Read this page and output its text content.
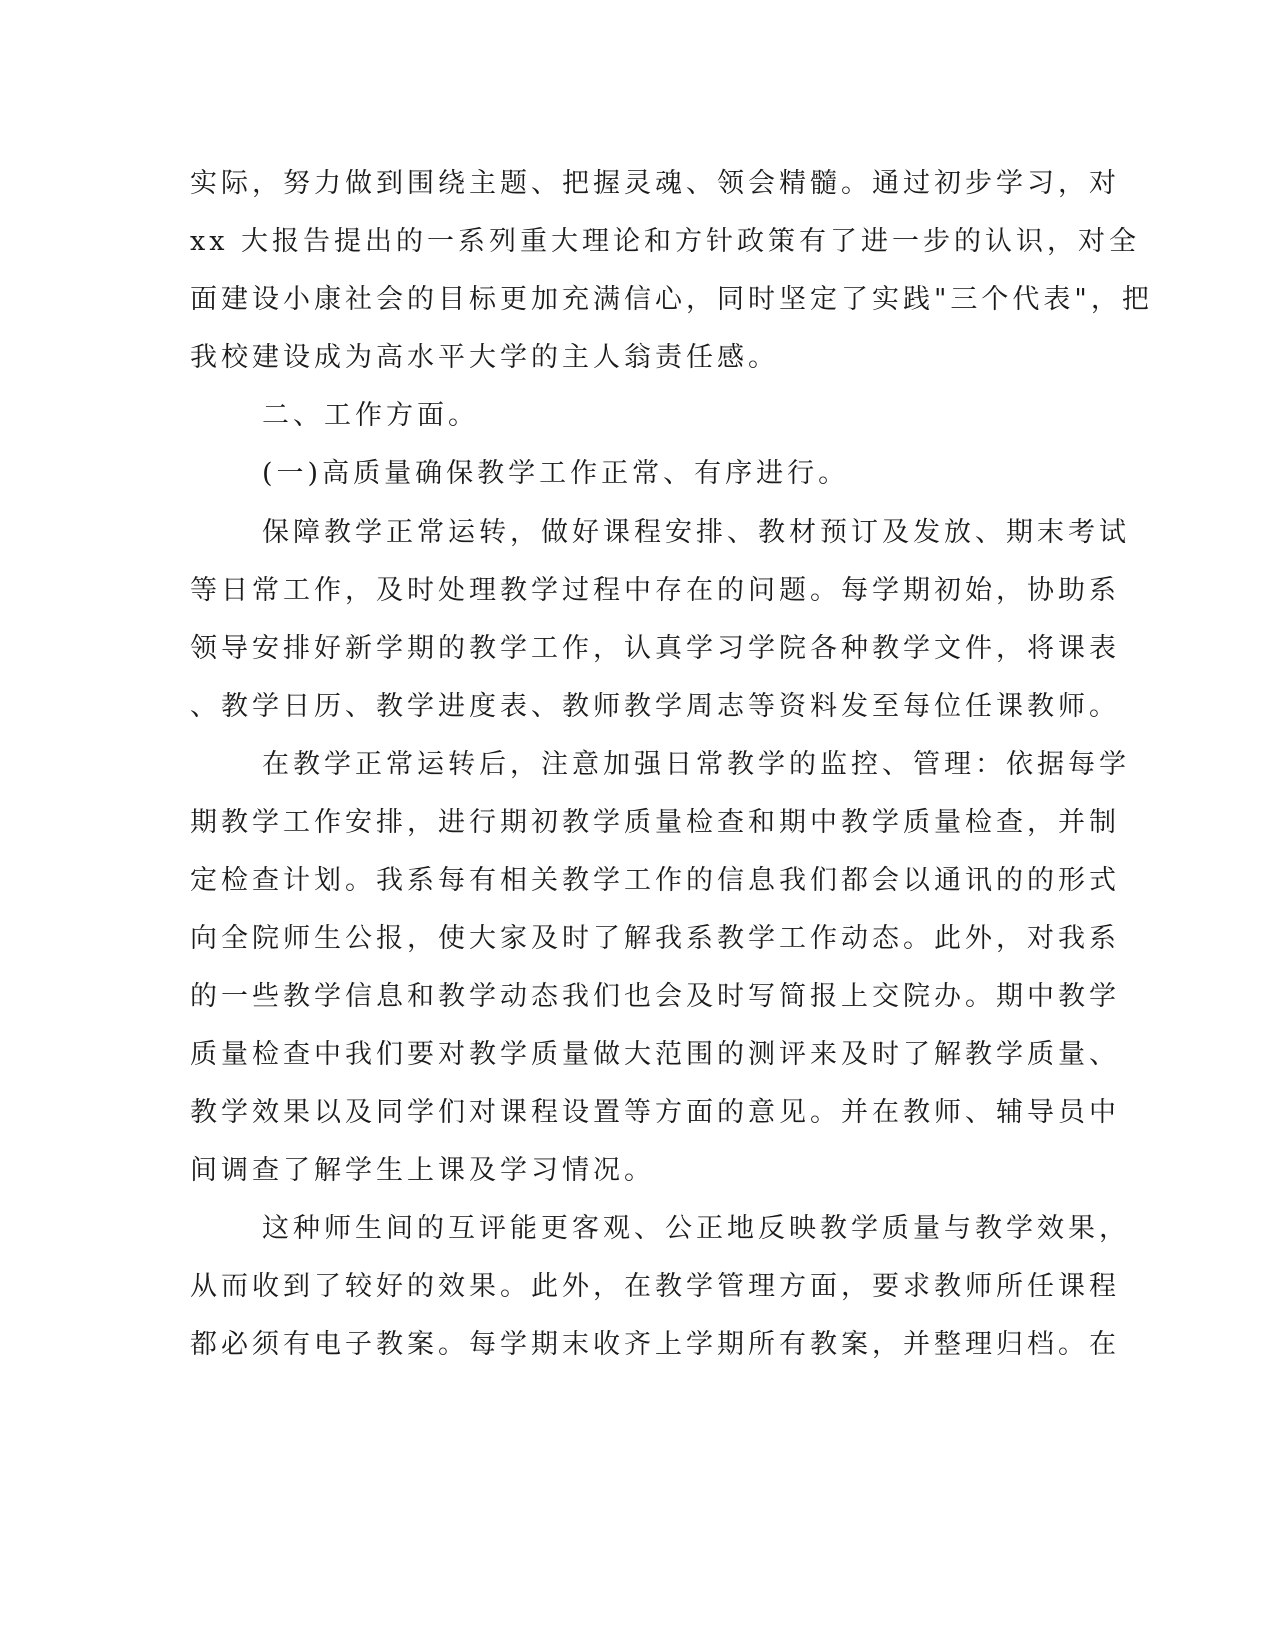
实际，努力做到围绕主题、把握灵魂、领会精髓。通过初步学习，对

xx 大报告提出的一系列重大理论和方针政策有了进一步的认识，对全

面建设小康社会的目标更加充满信心，同时坚定了实践"三个代表"，把

我校建设成为高水平大学的主人翁责任感。

二、工作方面。

(一)高质量确保教学工作正常、有序进行。

保障教学正常运转，做好课程安排、教材预订及发放、期末考试

等日常工作，及时处理教学过程中存在的问题。每学期初始，协助系

领导安排好新学期的教学工作，认真学习学院各种教学文件，将课表

、教学日历、教学进度表、教师教学周志等资料发至每位任课教师。

在教学正常运转后，注意加强日常教学的监控、管理：依据每学

期教学工作安排，进行期初教学质量检查和期中教学质量检查，并制

定检查计划。我系每有相关教学工作的信息我们都会以通讯的的形式

向全院师生公报，使大家及时了解我系教学工作动态。此外，对我系

的一些教学信息和教学动态我们也会及时写简报上交院办。期中教学

质量检查中我们要对教学质量做大范围的测评来及时了解教学质量、

教学效果以及同学们对课程设置等方面的意见。并在教师、辅导员中

间调查了解学生上课及学习情况。

这种师生间的互评能更客观、公正地反映教学质量与教学效果，

从而收到了较好的效果。此外，在教学管理方面，要求教师所任课程

都必须有电子教案。每学期末收齐上学期所有教案，并整理归档。在
